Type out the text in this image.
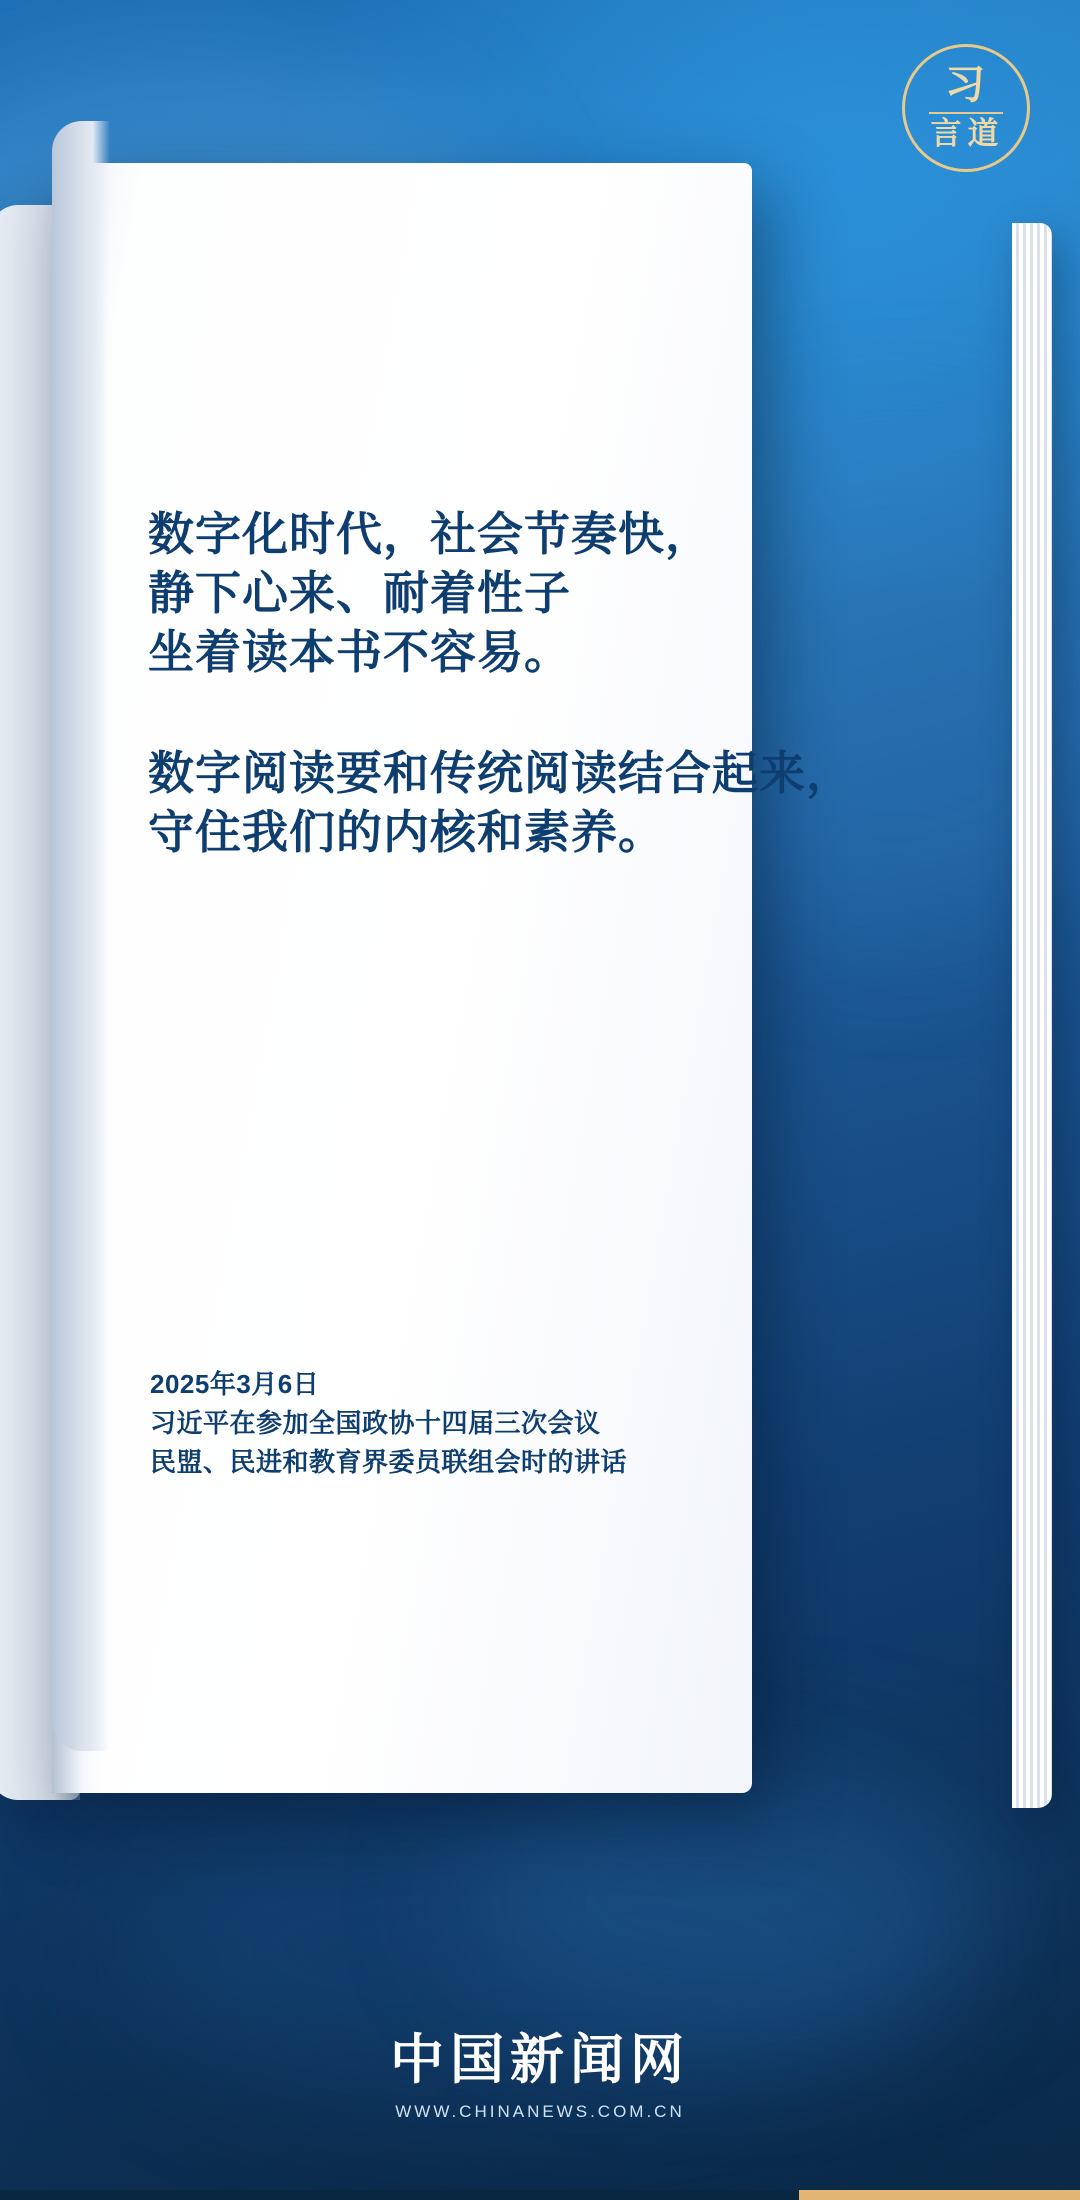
习
言 道
数字化时代，社会节奏快，
静下心来、耐着性子
坐着读本书不容易。
数字阅读要和传统阅读结合起来，
守住我们的内核和素养。
2025年3月6日
习近平在参加全国政协十四届三次会议
民盟、民进和教育界委员联组会时的讲话
中国新闻网
WWW.CHINANEWS.COM.CN
